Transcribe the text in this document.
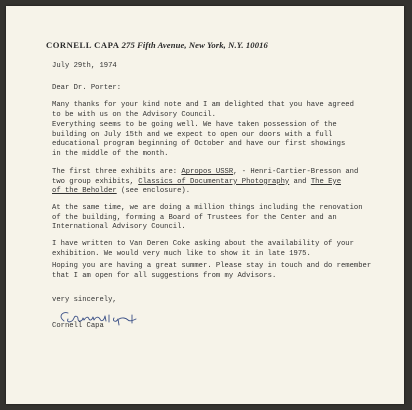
CORNELL CAPA 275 Fifth Avenue, New York, N.Y. 10016
July 29th, 1974
Dear Dr. Porter:
Many thanks for your kind note and I am delighted that you have agreed
to be with us on the Advisory Council.
Everything seems to be going well. We have taken possession of the
building on July 15th and we expect to open our doors with a full
educational program beginning of October and have our first showings
in the middle of the month.
The first three exhibits are: Apropos USSR, - Henri-Cartier-Bresson and
two group exhibits, Classics of Documentary Photography and The Eye
of the Beholder (see enclosure).
At the same time, we are doing a million things including the renovation
of the building, forming a Board of Trustees for the Center and an
International Advisory Council.
I have written to Van Deren Coke asking about the availability of your
exhibition. We would very much like to show it in late 1975.
Hoping you are having a great summer. Please stay in touch and do remember
that I am open for all suggestions from my Advisors.
very sincerely,
Cornell Capa
